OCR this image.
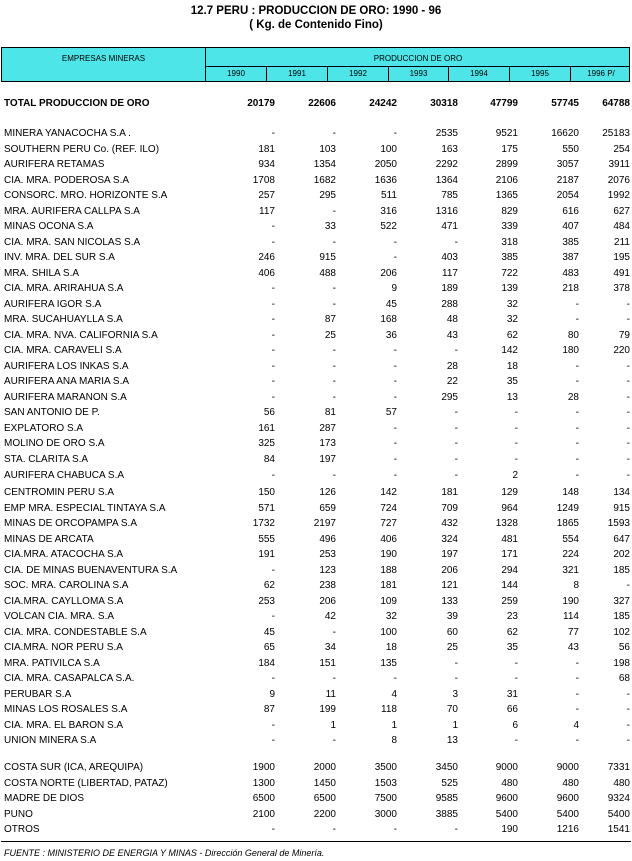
12.7 PERU : PRODUCCION DE ORO: 1990 - 96
( Kg. de Contenido Fino)
EMPRESAS MINERAS	PRODUCCION DE ORO
1990	1991	1992	1993	1994	1995	1996 P/
TOTAL PRODUCCION DE ORO	20179	22606	24242	30318	47799	57745	64788
MINERA YANACOCHA S.A .	-	-	-	2535	9521	16620	25183
SOUTHERN PERU Co. (REF. ILO)	181	103	100	163	175	550	254
AURIFERA RETAMAS	934	1354	2050	2292	2899	3057	3911
CIA. MRA. PODEROSA S.A	1708	1682	1636	1364	2106	2187	2076
CONSORC. MRO. HORIZONTE S.A	257	295	511	785	1365	2054	1992
MRA. AURIFERA CALLPA S.A	117	-	316	1316	829	616	627
MINAS OCONA S.A	-	33	522	471	339	407	484
CIA. MRA. SAN NICOLAS S.A	-	-	-	-	318	385	211
INV. MRA. DEL SUR S.A	246	915	-	403	385	387	195
MRA. SHILA S.A	406	488	206	117	722	483	491
CIA. MRA. ARIRAHUA S.A	-	-	9	189	139	218	378
AURIFERA IGOR S.A	-	-	45	288	32	-	-
MRA. SUCAHUAYLLA S.A	-	87	168	48	32	-	-
CIA. MRA. NVA. CALIFORNIA S.A	-	25	36	43	62	80	79
CIA. MRA. CARAVELI S.A	-	-	-	-	142	180	220
AURIFERA LOS INKAS S.A	-	-	-	28	18	-	-
AURIFERA ANA MARIA S.A	-	-	-	22	35	-	-
AURIFERA MARANON S.A	-	-	-	295	13	28	-
SAN ANTONIO DE P.	56	81	57	-	-	-	-
EXPLATORO S.A	161	287	-	-	-	-	-
MOLINO DE ORO S.A	325	173	-	-	-	-	-
STA. CLARITA S.A	84	197	-	-	-	-	-
AURIFERA CHABUCA S.A	-	-	-	-	2	-	-
CENTROMIN PERU S.A	150	126	142	181	129	148	134
EMP MRA. ESPECIAL TINTAYA S.A	571	659	724	709	964	1249	915
MINAS DE ORCOPAMPA S.A	1732	2197	727	432	1328	1865	1593
MINAS DE ARCATA	555	496	406	324	481	554	647
CIA.MRA. ATACOCHA S.A	191	253	190	197	171	224	202
CIA. DE MINAS BUENAVENTURA S.A	-	123	188	206	294	321	185
SOC. MRA. CAROLINA S.A	62	238	181	121	144	8	-
CIA.MRA. CAYLLOMA S.A	253	206	109	133	259	190	327
VOLCAN CIA. MRA. S.A	-	42	32	39	23	114	185
CIA. MRA. CONDESTABLE S.A	45	-	100	60	62	77	102
CIA.MRA. NOR PERU S.A	65	34	18	25	35	43	56
MRA. PATIVILCA S.A	184	151	135	-	-	-	198
CIA. MRA. CASAPALCA S.A.	-	-	-	-	-	-	68
PERUBAR S.A	9	11	4	3	31	-	-
MINAS LOS ROSALES S.A	87	199	118	70	66	-	-
CIA. MRA. EL BARON S.A	-	1	1	1	6	4	-
UNION MINERA S.A	-	-	8	13	-	-	-
COSTA SUR (ICA, AREQUIPA)	1900	2000	3500	3450	9000	9000	7331
COSTA NORTE (LIBERTAD, PATAZ)	1300	1450	1503	525	480	480	480
MADRE DE DIOS	6500	6500	7500	9585	9600	9600	9324
PUNO	2100	2200	3000	3885	5400	5400	5400
OTROS	-	-	-	-	190	1216	1541
FUENTE : MINISTERIO DE ENERGIA Y MINAS - Dirección General de Minería.
